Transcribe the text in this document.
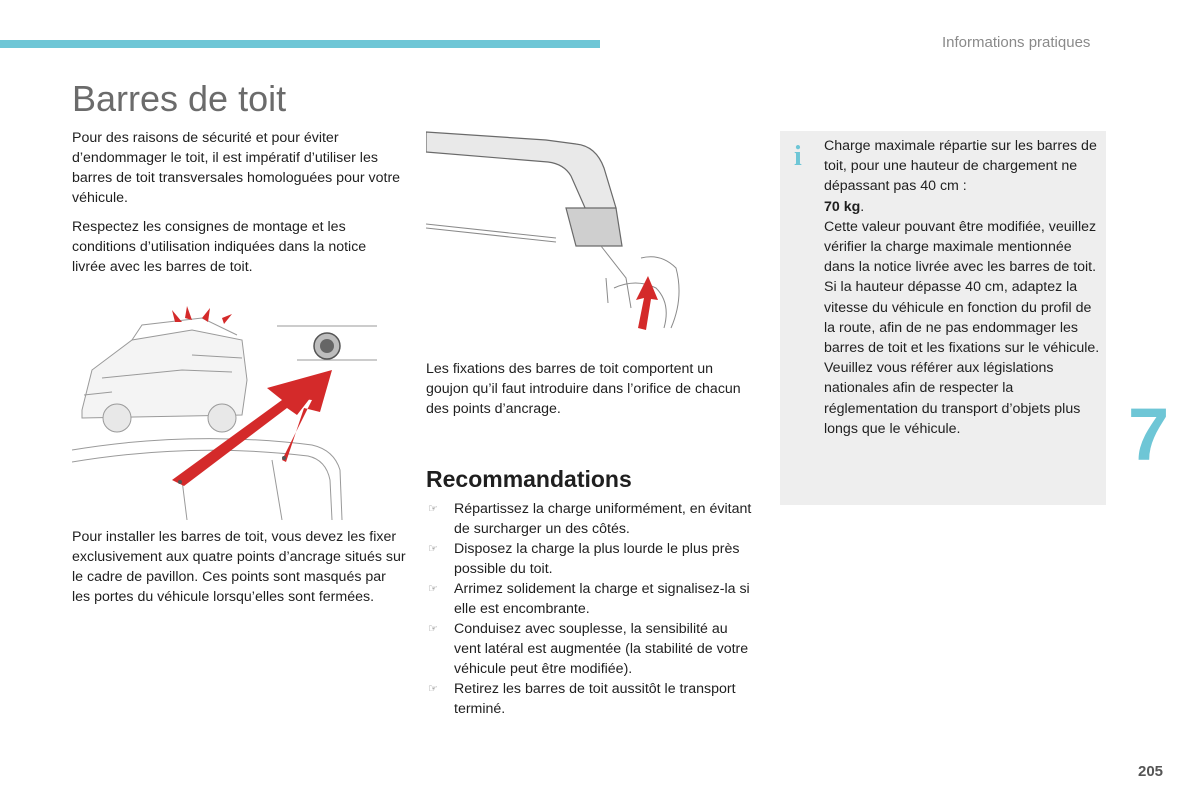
Informations pratiques
Barres de toit

Pour des raisons de sécurité et pour éviter d’endommager le toit, il est impératif d’utiliser les barres de toit transversales homologuées pour votre véhicule.

Respectez les consignes de montage et les conditions d’utilisation indiquées dans la notice livrée avec les barres de toit.

Pour installer les barres de toit, vous devez les fixer exclusivement aux quatre points d’ancrage situés sur le cadre de pavillon. Ces points sont masqués par les portes du véhicule lorsqu’elles sont fermées.

Les fixations des barres de toit comportent un goujon qu’il faut introduire dans l’orifice de chacun des points d’ancrage.

Recommandations
☞ Répartissez la charge uniformément, en évitant de surcharger un des côtés.
☞ Disposez la charge la plus lourde le plus près possible du toit.
☞ Arrimez solidement la charge et signalisez-la si elle est encombrante.
☞ Conduisez avec souplesse, la sensibilité au vent latéral est augmentée (la stabilité de votre véhicule peut être modifiée).
☞ Retirez les barres de toit aussitôt le transport terminé.
i Charge maximale répartie sur les barres de toit, pour une hauteur de chargement ne dépassant pas 40 cm :
70 kg.
Cette valeur pouvant être modifiée, veuillez vérifier la charge maximale mentionnée dans la notice livrée avec les barres de toit.
Si la hauteur dépasse 40 cm, adaptez la vitesse du véhicule en fonction du profil de la route, afin de ne pas endommager les barres de toit et les fixations sur le véhicule.
Veuillez vous référer aux législations nationales afin de respecter la réglementation du transport d’objets plus longs que le véhicule.	7
205
